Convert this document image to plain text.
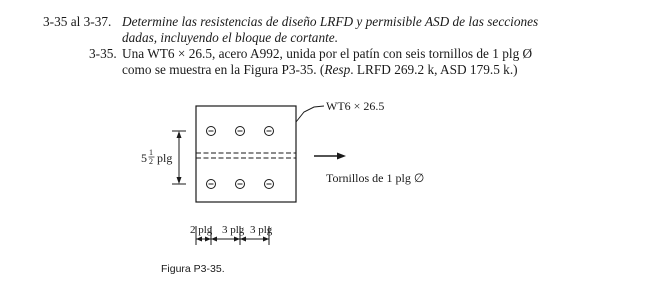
3-35 al 3-37. Determine las resistencias de diseño LRFD y permisible ASD de las secciones
dadas, incluyendo el bloque de cortante.
3-35. Una WT6 × 26.5, acero A992, unida por el patín con seis tornillos de 1 plg Ø
como se muestra en la Figura P3-35. (Resp. LRFD 269.2 k, ASD 179.5 k.)
WT6 × 26.5
Tornillos de 1 plg ∅
5 1
2 plg
2 plg 3 plg 3 plg
Figura P3-35.
